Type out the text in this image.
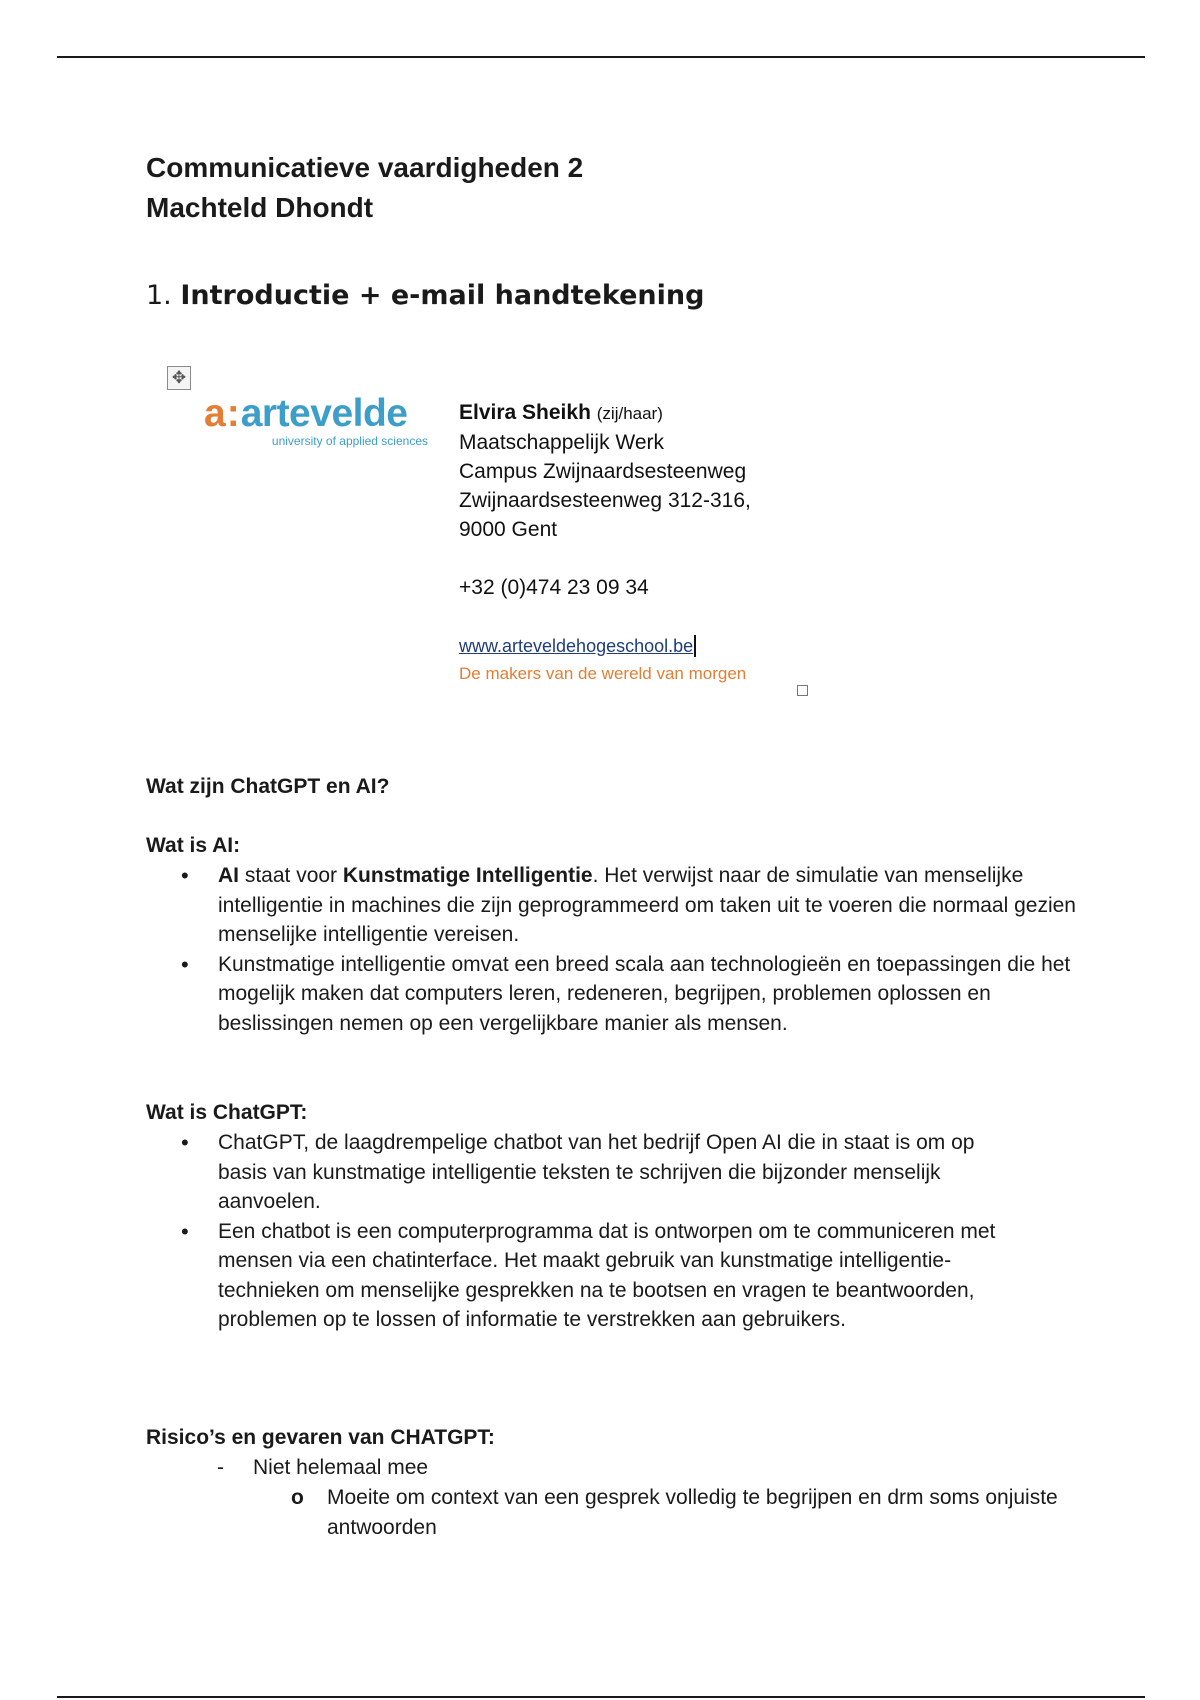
Communicatieve vaardigheden 2
Machteld Dhondt
1. Introductie + e-mail handtekening
✥
a : artevelde
university of applied sciences
Elvira Sheikh (zij/haar)
Maatschappelijk Werk
Campus Zwijnaardsesteenweg
Zwijnaardsesteenweg 312-316,
9000 Gent
+32 (0)474 23 09 34
www.arteveldehogeschool.be
De makers van de wereld van morgen

Wat zijn ChatGPT en AI?

Wat is AI:

• AI staat voor Kunstmatige Intelligentie. Het verwijst naar de simulatie van menselijke intelligentie in machines die zijn geprogrammeerd om taken uit te voeren die normaal gezien menselijke intelligentie vereisen.
• Kunstmatige intelligentie omvat een breed scala aan technologieën en toepassingen die het mogelijk maken dat computers leren, redeneren, begrijpen, problemen oplossen en beslissingen nemen op een vergelijkbare manier als mensen.

Wat is ChatGPT:

• ChatGPT, de laagdrempelige chatbot van het bedrijf Open AI die in staat is om op basis van kunstmatige intelligentie teksten te schrijven die bijzonder menselijk aanvoelen.
• Een chatbot is een computerprogramma dat is ontworpen om te communiceren met mensen via een chatinterface. Het maakt gebruik van kunstmatige intelligentie-technieken om menselijke gesprekken na te bootsen en vragen te beantwoorden, problemen op te lossen of informatie te verstrekken aan gebruikers.

Risico’s en gevaren van CHATGPT:

- Niet helemaal mee
o Moeite om context van een gesprek volledig te begrijpen en drm soms onjuiste antwoorden
